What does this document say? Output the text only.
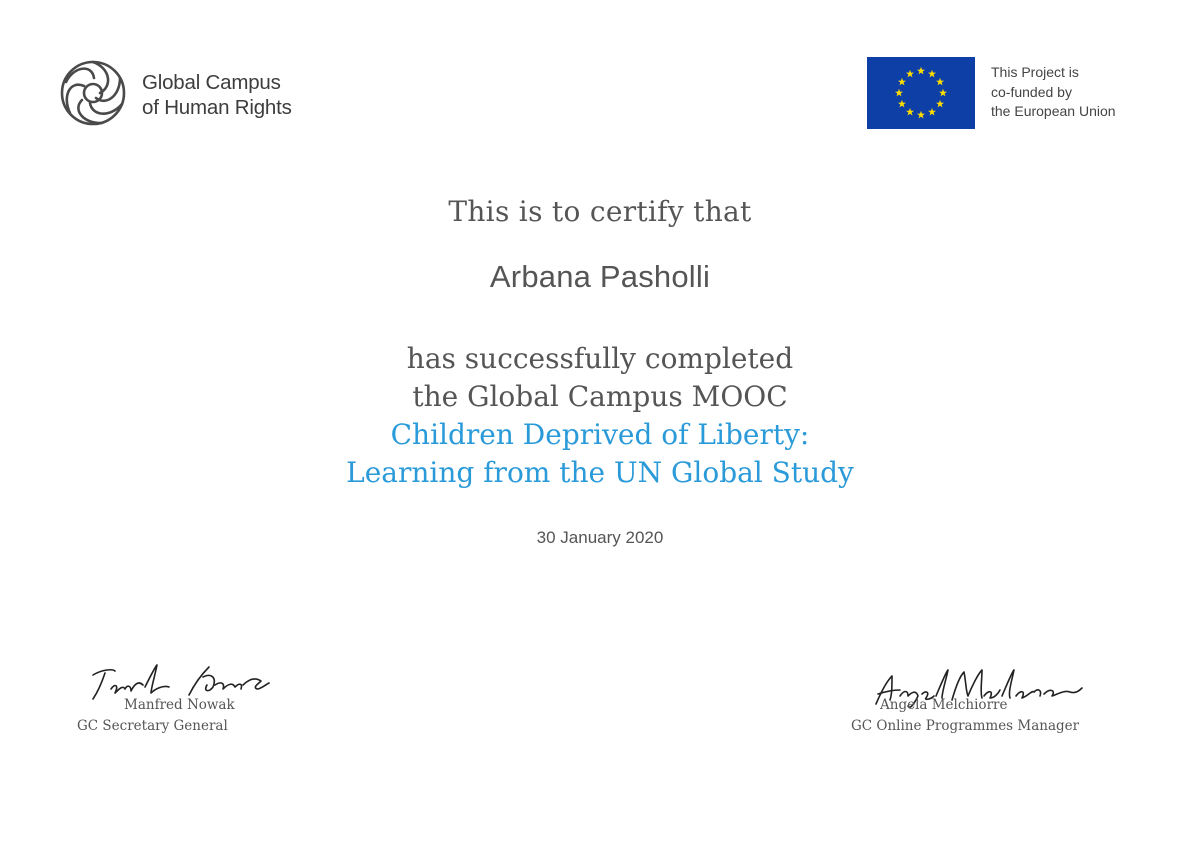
Global Campus
of Human Rights
This Project is
co-funded by
the European Union
This is to certify that
Arbana Pasholli
has successfully completed
the Global Campus MOOC
Children Deprived of Liberty:
Learning from the UN Global Study
30 January 2020
Manfred Nowak
GC Secretary General
Angela Melchiorre
GC Online Programmes Manager
